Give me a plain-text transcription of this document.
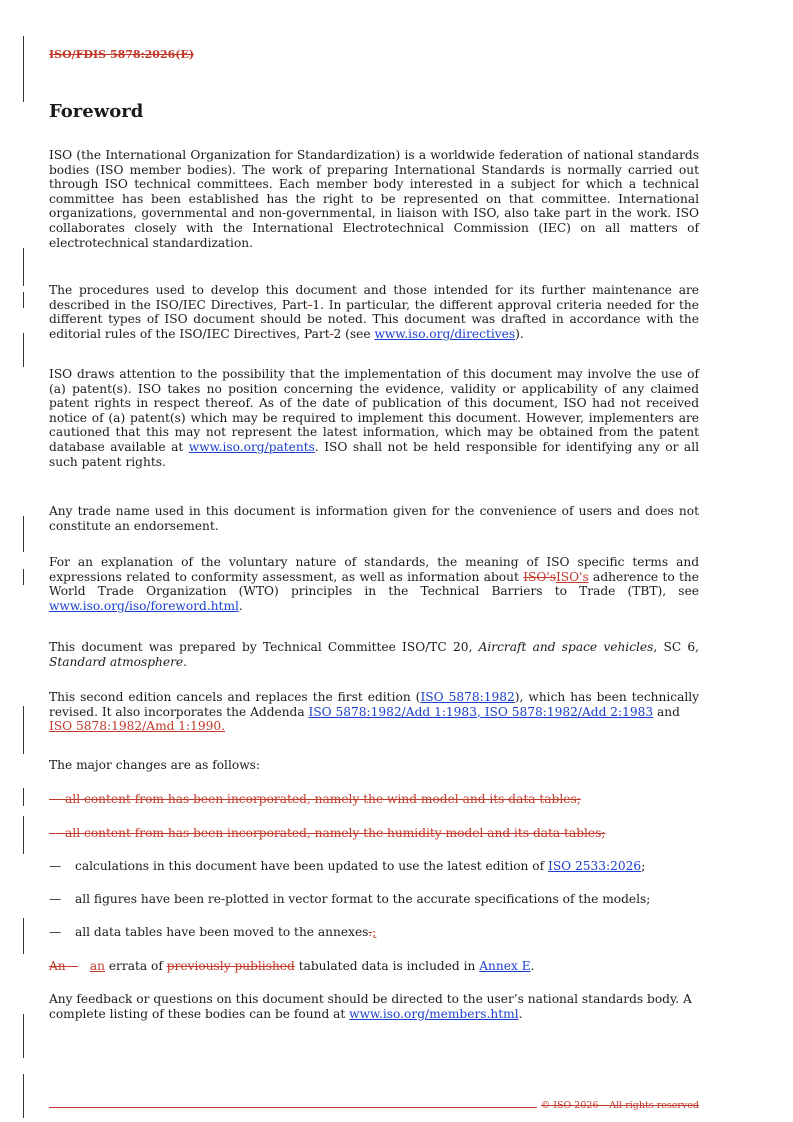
ISO/FDIS 5878:2026(E)
Foreword

ISO (the International Organization for Standardization) is a worldwide federation of national standards bodies (ISO member bodies). The work of preparing International Standards is normally carried out through ISO technical committees. Each member body interested in a subject for which a technical committee has been established has the right to be represented on that committee. International organizations, governmental and non-governmental, in liaison with ISO, also take part in the work. ISO collaborates closely with the International Electrotechnical Commission (IEC) on all matters of electrotechnical standardization.

The procedures used to develop this document and those intended for its further maintenance are described in the ISO/IEC Directives, Part 1. In particular, the different approval criteria needed for the different types of ISO document should be noted. This document was drafted in accordance with the editorial rules of the ISO/IEC Directives, Part 2 (see www.iso.org/directives).

ISO draws attention to the possibility that the implementation of this document may involve the use of (a) patent(s). ISO takes no position concerning the evidence, validity or applicability of any claimed patent rights in respect thereof. As of the date of publication of this document, ISO had not received notice of (a) patent(s) which may be required to implement this document. However, implementers are cautioned that this may not represent the latest information, which may be obtained from the patent database available at www.iso.org/patents. ISO shall not be held responsible for identifying any or all such patent rights.

Any trade name used in this document is information given for the convenience of users and does not constitute an endorsement.

For an explanation of the voluntary nature of standards, the meaning of ISO specific terms and expressions related to conformity assessment, as well as information about ISO'sISO's adherence to the World Trade Organization (WTO) principles in the Technical Barriers to Trade (TBT), see www.iso.org/iso/foreword.html.

This document was prepared by Technical Committee ISO/TC 20, Aircraft and space vehicles, SC 6, Standard atmosphere.

This second edition cancels and replaces the first edition (ISO 5878:1982), which has been technically revised. It also incorporates the Addenda ISO 5878:1982/Add 1:1983, ISO 5878:1982/Add 2:1983 and
ISO 5878:1982/Amd 1:1990.

The major changes are as follows:

— all content from has been incorporated, namely the wind model and its data tables;

— all content from has been incorporated, namely the humidity model and its data tables;

— calculations in this document have been updated to use the latest edition of ISO 2533:2026;

— all figures have been re-plotted in vector format to the accurate specifications of the models;

— all data tables have been moved to the annexes.;

An— an errata of previously published tabulated data is included in Annex E.

Any feedback or questions on this document should be directed to the user’s national standards body. A complete listing of these bodies can be found at www.iso.org/members.html.

© ISO 2026 – All rights reserved
